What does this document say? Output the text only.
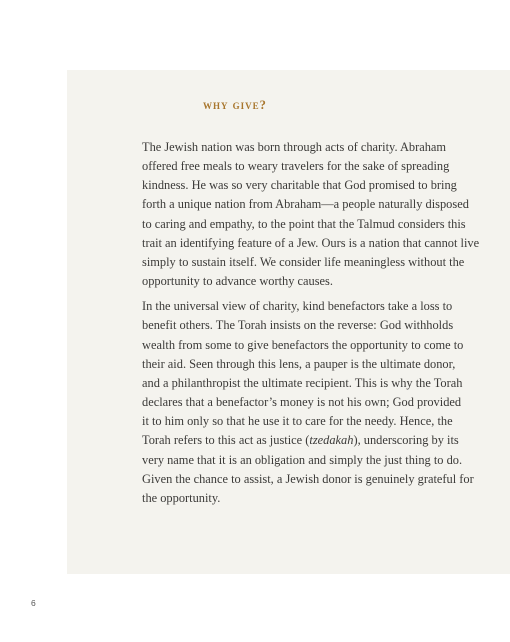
why give?

The Jewish nation was born through acts of charity. Abraham
offered free meals to weary travelers for the sake of spreading
kindness. He was so very charitable that God promised to bring
forth a unique nation from Abraham—a people naturally disposed
to caring and empathy, to the point that the Talmud considers this
trait an identifying feature of a Jew. Ours is a nation that cannot live
simply to sustain itself. We consider life meaningless without the
opportunity to advance worthy causes.

In the universal view of charity, kind benefactors take a loss to
benefit others. The Torah insists on the reverse: God withholds
wealth from some to give benefactors the opportunity to come to
their aid. Seen through this lens, a pauper is the ultimate donor,
and a philanthropist the ultimate recipient. This is why the Torah
declares that a benefactor’s money is not his own; God provided
it to him only so that he use it to care for the needy. Hence, the
Torah refers to this act as justice (tzedakah), underscoring by its
very name that it is an obligation and simply the just thing to do.
Given the chance to assist, a Jewish donor is genuinely grateful for
the opportunity.

6
